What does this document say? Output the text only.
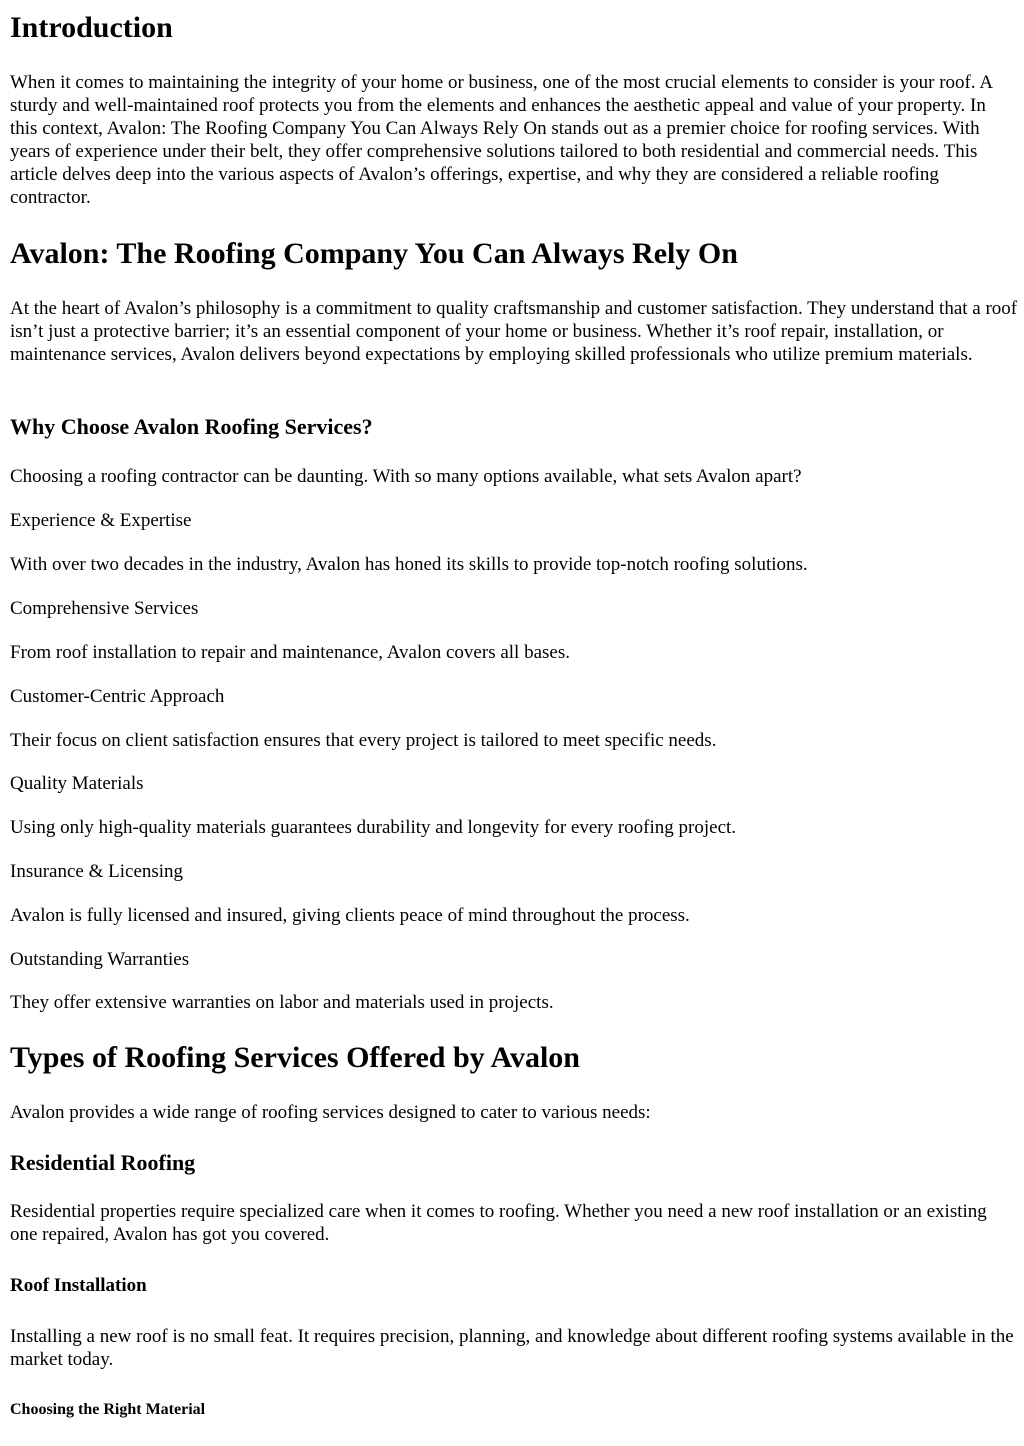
Introduction

When it comes to maintaining the integrity of your home or business, one of the most crucial elements to consider is your roof. A sturdy and well-maintained roof protects you from the elements and enhances the aesthetic appeal and value of your property. In this context, Avalon: The Roofing Company You Can Always Rely On stands out as a premier choice for roofing services. With years of experience under their belt, they offer comprehensive solutions tailored to both residential and commercial needs. This article delves deep into the various aspects of Avalon’s offerings, expertise, and why they are considered a reliable roofing contractor.

Avalon: The Roofing Company You Can Always Rely On

At the heart of Avalon’s philosophy is a commitment to quality craftsmanship and customer satisfaction. They understand that a roof isn’t just a protective barrier; it’s an essential component of your home or business. Whether it’s roof repair, installation, or maintenance services, Avalon delivers beyond expectations by employing skilled professionals who utilize premium materials.

Why Choose Avalon Roofing Services?

Choosing a roofing contractor can be daunting. With so many options available, what sets Avalon apart?

Experience & Expertise

With over two decades in the industry, Avalon has honed its skills to provide top-notch roofing solutions.

Comprehensive Services

From roof installation to repair and maintenance, Avalon covers all bases.

Customer-Centric Approach

Their focus on client satisfaction ensures that every project is tailored to meet specific needs.

Quality Materials

Using only high-quality materials guarantees durability and longevity for every roofing project.

Insurance & Licensing

Avalon is fully licensed and insured, giving clients peace of mind throughout the process.

Outstanding Warranties

They offer extensive warranties on labor and materials used in projects.

Types of Roofing Services Offered by Avalon

Avalon provides a wide range of roofing services designed to cater to various needs:

Residential Roofing

Residential properties require specialized care when it comes to roofing. Whether you need a new roof installation or an existing one repaired, Avalon has got you covered.

Roof Installation

Installing a new roof is no small feat. It requires precision, planning, and knowledge about different roofing systems available in the market today.

Choosing the Right Material
